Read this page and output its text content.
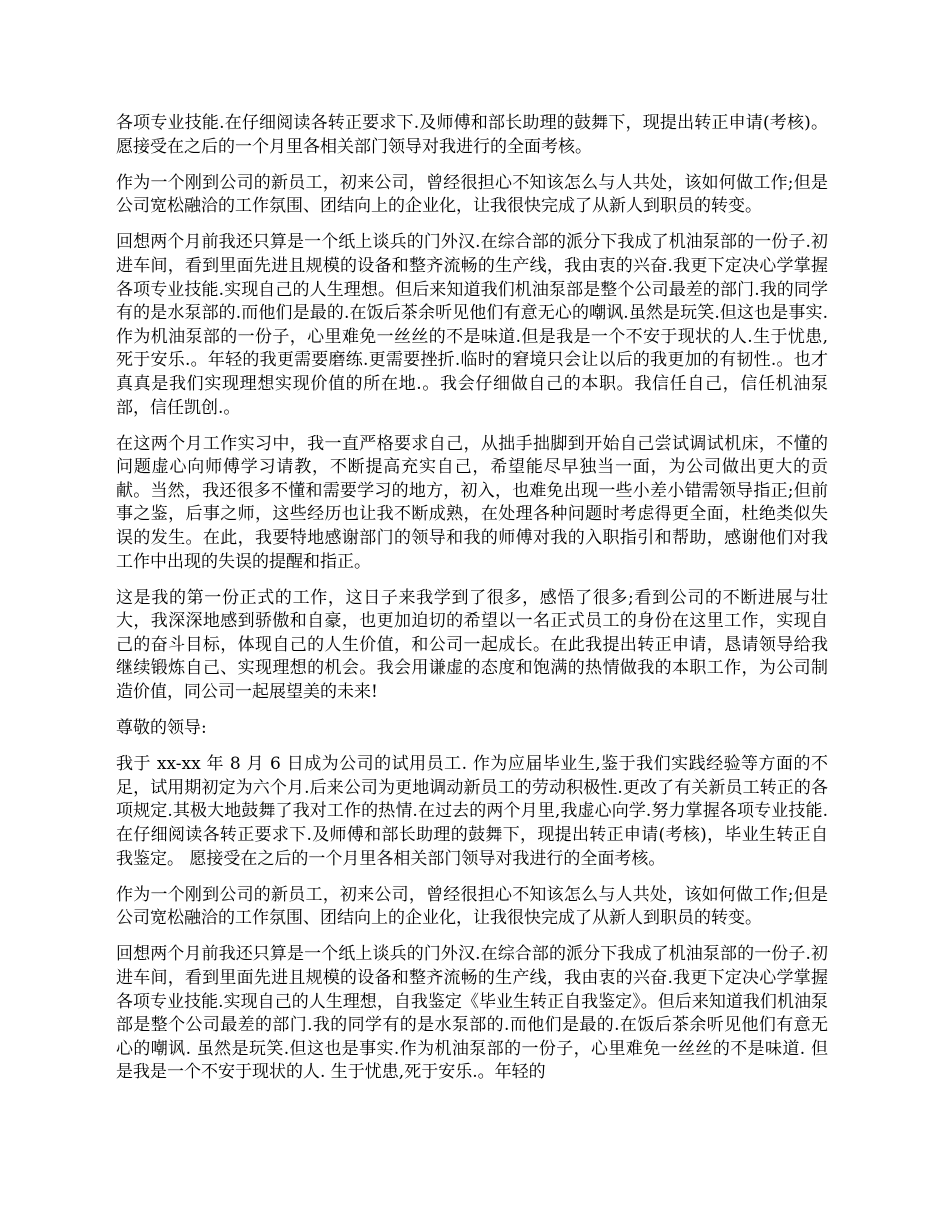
各项专业技能.在仔细阅读各转正要求下.及师傅和部长助理的鼓舞下，现提出转正申请(考核)。 愿接受在之后的一个月里各相关部门领导对我进行的全面考核。

作为一个刚到公司的新员工，初来公司，曾经很担心不知该怎么与人共处，该如何做工作;但是公司宽松融洽的工作氛围、团结向上的企业化，让我很快完成了从新人到职员的转变。

回想两个月前我还只算是一个纸上谈兵的门外汉.在综合部的派分下我成了机油泵部的一份子.初进车间，看到里面先进且规模的设备和整齐流畅的生产线，我由衷的兴奋.我更下定决心学掌握各项专业技能.实现自己的人生理想。但后来知道我们机油泵部是整个公司最差的部门.我的同学有的是水泵部的.而他们是最的.在饭后茶余听见他们有意无心的嘲讽.虽然是玩笑.但这也是事实.作为机油泵部的一份子，心里难免一丝丝的不是味道.但是我是一个不安于现状的人.生于忧患,死于安乐.。年轻的我更需要磨练.更需要挫折.临时的窘境只会让以后的我更加的有韧性.。也才真真是我们实现理想实现价值的所在地.。我会仔细做自己的本职。我信任自己，信任机油泵部，信任凯创.。

在这两个月工作实习中，我一直严格要求自己，从拙手拙脚到开始自己尝试调试机床，不懂的问题虚心向师傅学习请教，不断提高充实自己，希望能尽早独当一面，为公司做出更大的贡献。当然，我还很多不懂和需要学习的地方，初入，也难免出现一些小差小错需领导指正;但前事之鉴，后事之师，这些经历也让我不断成熟，在处理各种问题时考虑得更全面，杜绝类似失误的发生。在此，我要特地感谢部门的领导和我的师傅对我的入职指引和帮助，感谢他们对我工作中出现的失误的提醒和指正。

这是我的第一份正式的工作，这日子来我学到了很多，感悟了很多;看到公司的不断进展与壮大，我深深地感到骄傲和自豪，也更加迫切的希望以一名正式员工的身份在这里工作，实现自己的奋斗目标，体现自己的人生价值，和公司一起成长。在此我提出转正申请，恳请领导给我继续锻炼自己、实现理想的机会。我会用谦虚的态度和饱满的热情做我的本职工作，为公司制造价值，同公司一起展望美的未来!

尊敬的领导:

我于 xx-xx 年 8 月 6 日成为公司的试用员工. 作为应届毕业生,鉴于我们实践经验等方面的不足，试用期初定为六个月.后来公司为更地调动新员工的劳动积极性.更改了有关新员工转正的各项规定.其极大地鼓舞了我对工作的热情.在过去的两个月里,我虚心向学.努力掌握各项专业技能.在仔细阅读各转正要求下.及师傅和部长助理的鼓舞下，现提出转正申请(考核)，毕业生转正自我鉴定。 愿接受在之后的一个月里各相关部门领导对我进行的全面考核。

作为一个刚到公司的新员工，初来公司，曾经很担心不知该怎么与人共处，该如何做工作;但是公司宽松融洽的工作氛围、团结向上的企业化，让我很快完成了从新人到职员的转变。

回想两个月前我还只算是一个纸上谈兵的门外汉.在综合部的派分下我成了机油泵部的一份子.初进车间，看到里面先进且规模的设备和整齐流畅的生产线，我由衷的兴奋.我更下定决心学掌握各项专业技能.实现自己的人生理想，自我鉴定《毕业生转正自我鉴定》。但后来知道我们机油泵部是整个公司最差的部门.我的同学有的是水泵部的.而他们是最的.在饭后茶余听见他们有意无心的嘲讽. 虽然是玩笑.但这也是事实.作为机油泵部的一份子，心里难免一丝丝的不是味道. 但是我是一个不安于现状的人. 生于忧患,死于安乐.。年轻的
